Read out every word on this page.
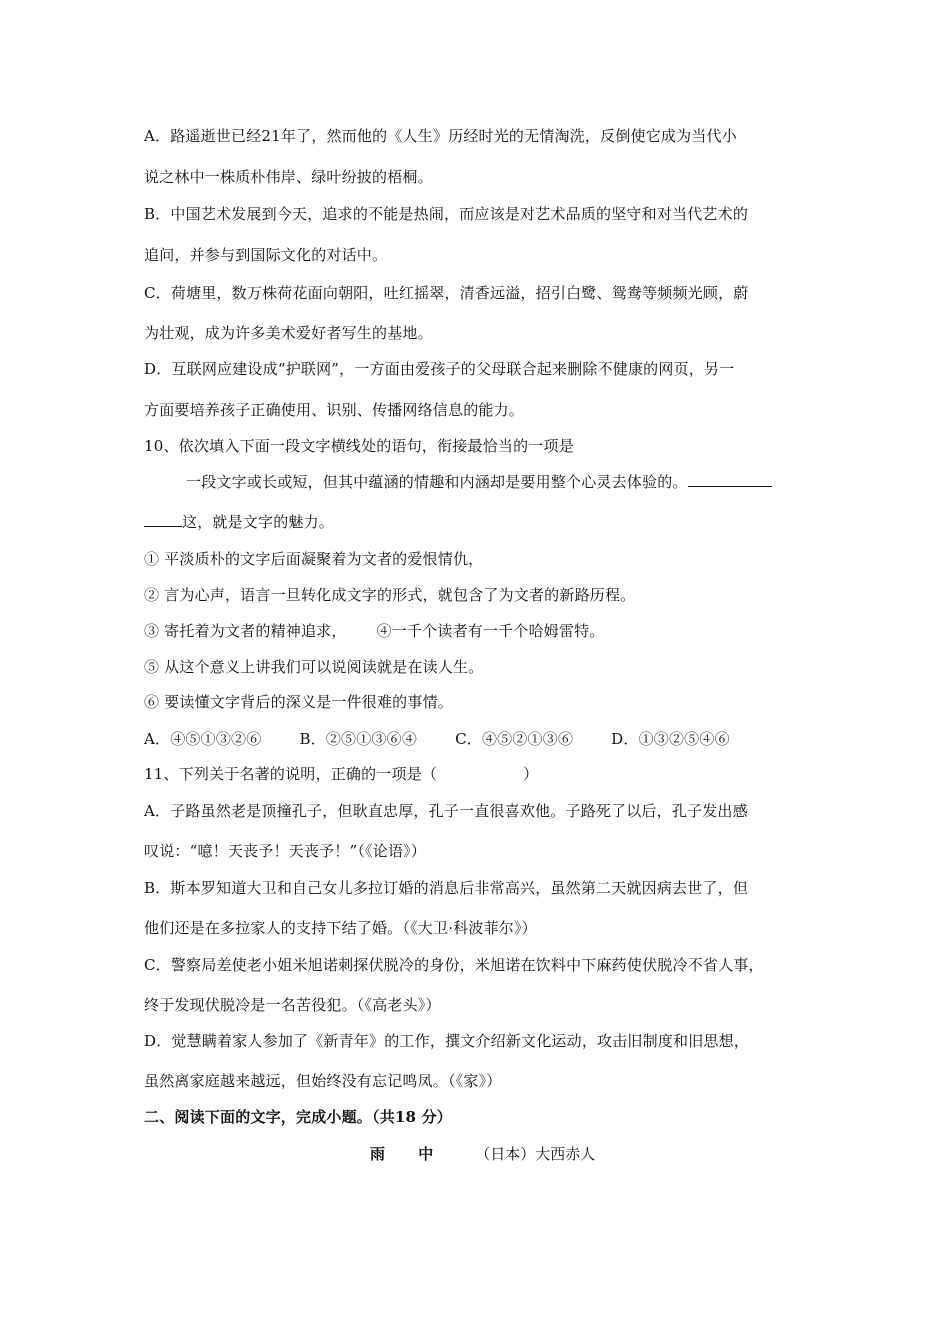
A．路遥逝世已经21年了，然而他的《人生》历经时光的无情淘洗，反倒使它成为当代小
说之林中一株质朴伟岸、绿叶纷披的梧桐。
B．中国艺术发展到今天，追求的不能是热闹，而应该是对艺术品质的坚守和对当代艺术的
追问，并参与到国际文化的对话中。
C．荷塘里，数万株荷花面向朝阳，吐红摇翠，清香远溢，招引白鹭、鸳鸯等频频光顾，蔚
为壮观，成为许多美术爱好者写生的基地。
D．互联网应建设成“护联网”，一方面由爱孩子的父母联合起来删除不健康的网页，另一
方面要培养孩子正确使用、识别、传播网络信息的能力。
10、依次填入下面一段文字横线处的语句，衔接最恰当的一项是
一段文字或长或短，但其中蕴涵的情趣和内涵却是要用整个心灵去体验的。
这，就是文字的魅力。
① 平淡质朴的文字后面凝聚着为文者的爱恨情仇，
② 言为心声，语言一旦转化成文字的形式，就包含了为文者的新路历程。
③ 寄托着为文者的精神追求， ④一千个读者有一千个哈姆雷特。
⑤ 从这个意义上讲我们可以说阅读就是在读人生。
⑥ 要读懂文字背后的深义是一件很难的事情。
A．④⑤①③②⑥	B．②⑤①③⑥④	C．④⑤②①③⑥	D．①③②⑤④⑥
11、下列关于名著的说明，正确的一项是（	）
A．子路虽然老是顶撞孔子，但耿直忠厚，孔子一直很喜欢他。子路死了以后，孔子发出感
叹说：“噫！天丧予！天丧予！”（《论语》）
B．斯本罗知道大卫和自己女儿多拉订婚的消息后非常高兴，虽然第二天就因病去世了，但
他们还是在多拉家人的支持下结了婚。（《大卫·科波菲尔》）
C．警察局差使老小姐米旭诺刺探伏脱冷的身份，米旭诺在饮料中下麻药使伏脱冷不省人事，
终于发现伏脱冷是一名苦役犯。（《高老头》）
D．觉慧瞒着家人参加了《新青年》的工作，撰文介绍新文化运动，攻击旧制度和旧思想，
虽然离家庭越来越远，但始终没有忘记鸣凤。（《家》）
二、阅读下面的文字，完成小题。（共18 分）
雨 中 （日本）大西赤人
